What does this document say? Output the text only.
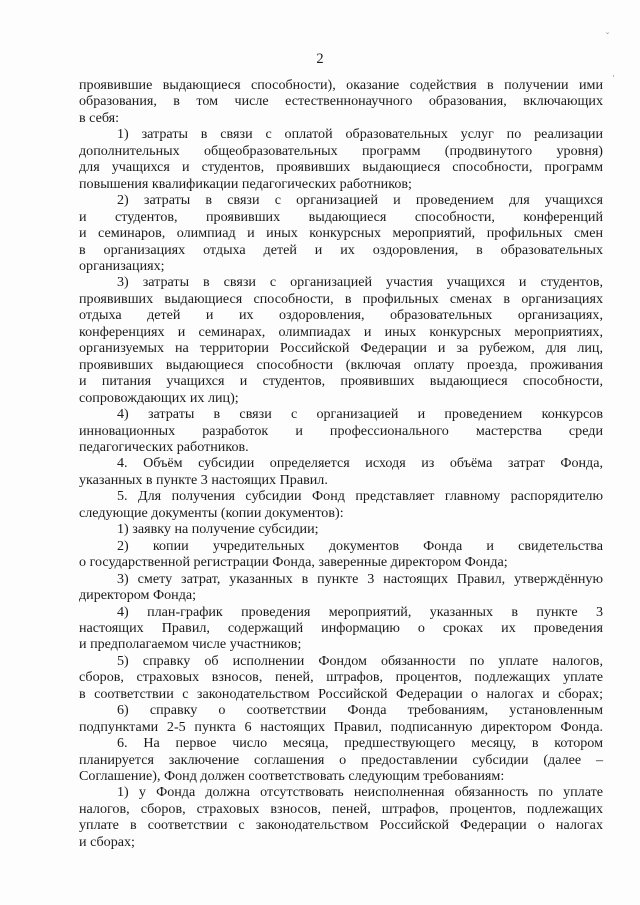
˘
·
2

проявившие выдающиеся способности), оказание содействия в получении ими

образования, в том числе естественнонаучного образования, включающих

в себя:

1) затраты в связи с оплатой образовательных услуг по реализации

дополнительных общеобразовательных программ (продвинутого уровня)

для учащихся и студентов, проявивших выдающиеся способности, программ

повышения квалификации педагогических работников;

2) затраты в связи с организацией и проведением для учащихся

и студентов, проявивших выдающиеся способности, конференций

и семинаров, олимпиад и иных конкурсных мероприятий, профильных смен

в организациях отдыха детей и их оздоровления, в образовательных

организациях;

3) затраты в связи с организацией участия учащихся и студентов,

проявивших выдающиеся способности, в профильных сменах в организациях

отдыха детей и их оздоровления, образовательных организациях,

конференциях и семинарах, олимпиадах и иных конкурсных мероприятиях,

организуемых на территории Российской Федерации и за рубежом, для лиц,

проявивших выдающиеся способности (включая оплату проезда, проживания

и питания учащихся и студентов, проявивших выдающиеся способности,

сопровождающих их лиц);

4) затраты в связи с организацией и проведением конкурсов

инновационных разработок и профессионального мастерства среди

педагогических работников.

4. Объём субсидии определяется исходя из объёма затрат Фонда,

указанных в пункте 3 настоящих Правил.

5. Для получения субсидии Фонд представляет главному распорядителю

следующие документы (копии документов):

1) заявку на получение субсидии;

2) копии учредительных документов Фонда и свидетельства

о государственной регистрации Фонда, заверенные директором Фонда;

3) смету затрат, указанных в пункте 3 настоящих Правил, утверждённую

директором Фонда;

4) план-график проведения мероприятий, указанных в пункте 3

настоящих Правил, содержащий информацию о сроках их проведения

и предполагаемом числе участников;

5) справку об исполнении Фондом обязанности по уплате налогов,

сборов, страховых взносов, пеней, штрафов, процентов, подлежащих уплате

в соответствии с законодательством Российской Федерации о налогах и сборах;

6) справку о соответствии Фонда требованиям, установленным

подпунктами 2-5 пункта 6 настоящих Правил, подписанную директором Фонда.

6. На первое число месяца, предшествующего месяцу, в котором

планируется заключение соглашения о предоставлении субсидии (далее –

Соглашение), Фонд должен соответствовать следующим требованиям:

1) у Фонда должна отсутствовать неисполненная обязанность по уплате

налогов, сборов, страховых взносов, пеней, штрафов, процентов, подлежащих

уплате в соответствии с законодательством Российской Федерации о налогах

и сборах;
